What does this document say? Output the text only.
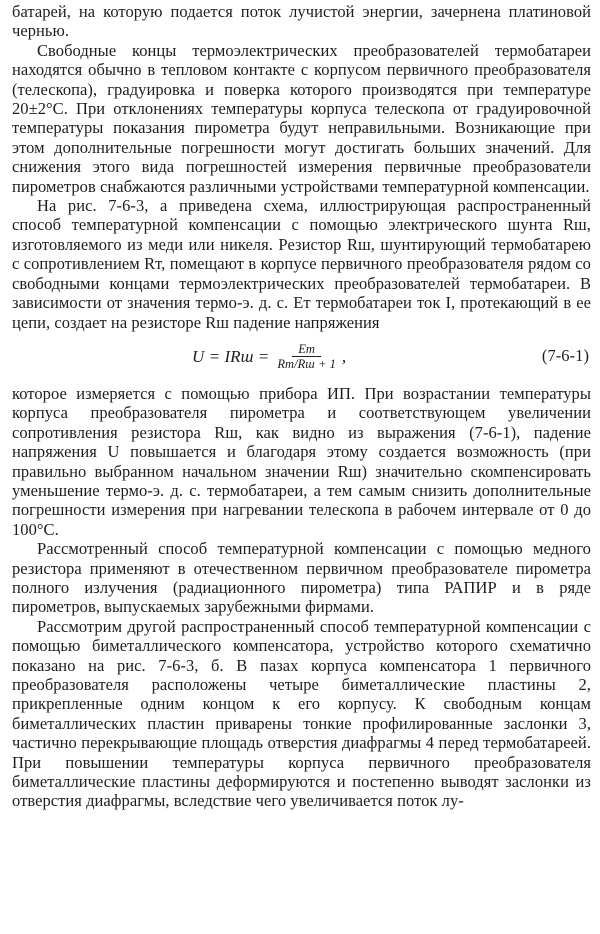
батарей, на которую подается поток лучистой энергии, зачернена платиновой чернью.

Свободные концы термоэлектрических преобразователей термобатареи находятся обычно в тепловом контакте с корпусом первичного преобразователя (телескопа), градуировка и поверка которого производятся при температуре 20±2°С. При отклонениях температуры корпуса телескопа от градуировочной температуры показания пирометра будут неправильными. Возникающие при этом дополнительные погрешности могут достигать больших значений. Для снижения этого вида погрешностей измерения первичные преобразователи пирометров снабжаются различными устройствами температурной компенсации.

На рис. 7-6-3, а приведена схема, иллюстрирующая распространенный способ температурной компенсации с помощью электрического шунта Rш, изготовляемого из меди или никеля. Резистор Rш, шунтирующий термобатарею с сопротивлением Rт, помещают в корпусе первичного преобразователя рядом со свободными концами термоэлектрических преобразователей термобатареи. В зависимости от значения термо-э. д. с. Eт термобатареи ток I, протекающий в ее цепи, создает на резисторе Rш падение напряжения

U = IRш = $\frac{Eт}{Rт/Rш + 1}$ ,	(7-6-1)

которое измеряется с помощью прибора ИП. При возрастании температуры корпуса преобразователя пирометра и соответствующем увеличении сопротивления резистора Rш, как видно из выражения (7-6-1), падение напряжения U повышается и благодаря этому создается возможность (при правильно выбранном начальном значении Rш) значительно скомпенсировать уменьшение термо-э. д. с. термобатареи, а тем самым снизить дополнительные погрешности измерения при нагревании телескопа в рабочем интервале от 0 до 100°С.

Рассмотренный способ температурной компенсации с помощью медного резистора применяют в отечественном первичном преобразователе пирометра полного излучения (радиационного пирометра) типа РАПИР и в ряде пирометров, выпускаемых зарубежными фирмами.

Рассмотрим другой распространенный способ температурной компенсации с помощью биметаллического компенсатора, устройство которого схематично показано на рис. 7-6-3, б. В пазах корпуса компенсатора 1 первичного преобразователя расположены четыре биметаллические пластины 2, прикрепленные одним концом к его корпусу. К свободным концам биметаллических пластин приварены тонкие профилированные заслонки 3, частично перекрывающие площадь отверстия диафрагмы 4 перед термобатареей. При повышении температуры корпуса первичного преобразователя биметаллические пластины деформируются и постепенно выводят заслонки из отверстия диафрагмы, вследствие чего увеличивается поток лу-
